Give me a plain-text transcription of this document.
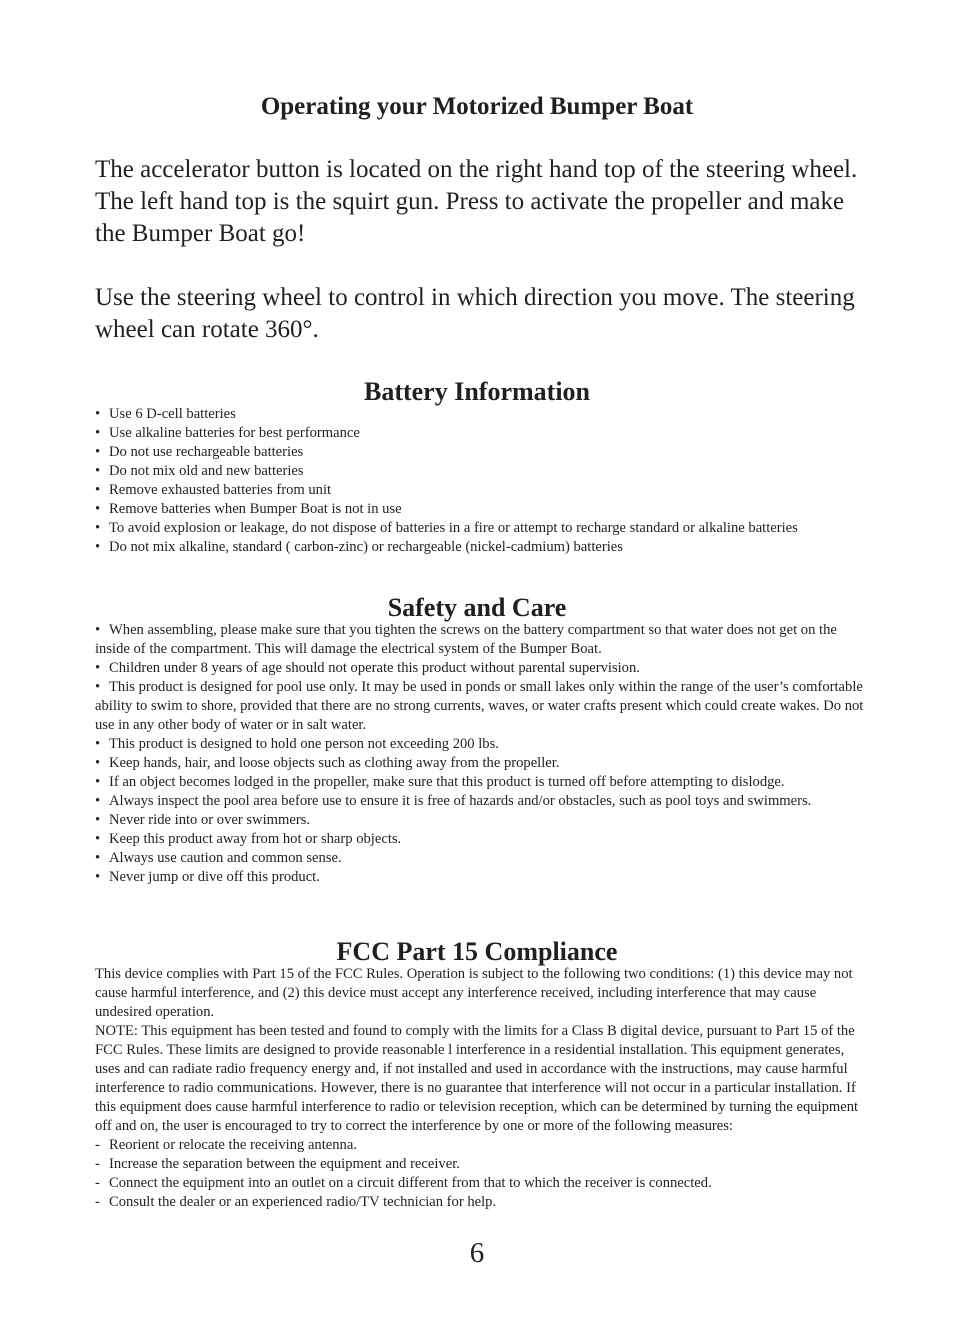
Operating your Motorized Bumper Boat

The accelerator button is located on the right hand top of the steering wheel. The left hand top is the squirt gun. Press to activate the propeller and make the Bumper Boat go!

Use the steering wheel to control in which direction you move. The steering wheel can rotate 360°.

Battery Information
• Use 6 D-cell batteries
• Use alkaline batteries for best performance
• Do not use rechargeable batteries
• Do not mix old and new batteries
• Remove exhausted batteries from unit
• Remove batteries when Bumper Boat is not in use
• To avoid explosion or leakage, do not dispose of batteries in a fire or attempt to recharge standard or alkaline batteries
• Do not mix alkaline, standard ( carbon-zinc) or rechargeable (nickel-cadmium) batteries
Safety and Care
• When assembling, please make sure that you tighten the screws on the battery compartment so that water does not get on the inside of the compartment. This will damage the electrical system of the Bumper Boat.
• Children under 8 years of age should not operate this product without parental supervision.
• This product is designed for pool use only. It may be used in ponds or small lakes only within the range of the user’s comfortable ability to swim to shore, provided that there are no strong currents, waves, or water crafts present which could create wakes. Do not use in any other body of water or in salt water.
• This product is designed to hold one person not exceeding 200 lbs.
• Keep hands, hair, and loose objects such as clothing away from the propeller.
• If an object becomes lodged in the propeller, make sure that this product is turned off before attempting to dislodge.
• Always inspect the pool area before use to ensure it is free of hazards and/or obstacles, such as pool toys and swimmers.
• Never ride into or over swimmers.
• Keep this product away from hot or sharp objects.
• Always use caution and common sense.
• Never jump or dive off this product.
FCC Part 15 Compliance
This device complies with Part 15 of the FCC Rules. Operation is subject to the following two conditions: (1) this device may not cause harmful interference, and (2) this device must accept any interference received, including interference that may cause undesired operation.
NOTE: This equipment has been tested and found to comply with the limits for a Class B digital device, pursuant to Part 15 of the FCC Rules. These limits are designed to provide reasonable l interference in a residential installation. This equipment generates, uses and can radiate radio frequency energy and, if not installed and used in accordance with the instructions, may cause harmful interference to radio communications. However, there is no guarantee that interference will not occur in a particular installation. If this equipment does cause harmful interference to radio or television reception, which can be determined by turning the equipment off and on, the user is encouraged to try to correct the interference by one or more of the following measures:
- Reorient or relocate the receiving antenna.
- Increase the separation between the equipment and receiver.
- Connect the equipment into an outlet on a circuit different from that to which the receiver is connected.
- Consult the dealer or an experienced radio/TV technician for help.
6
